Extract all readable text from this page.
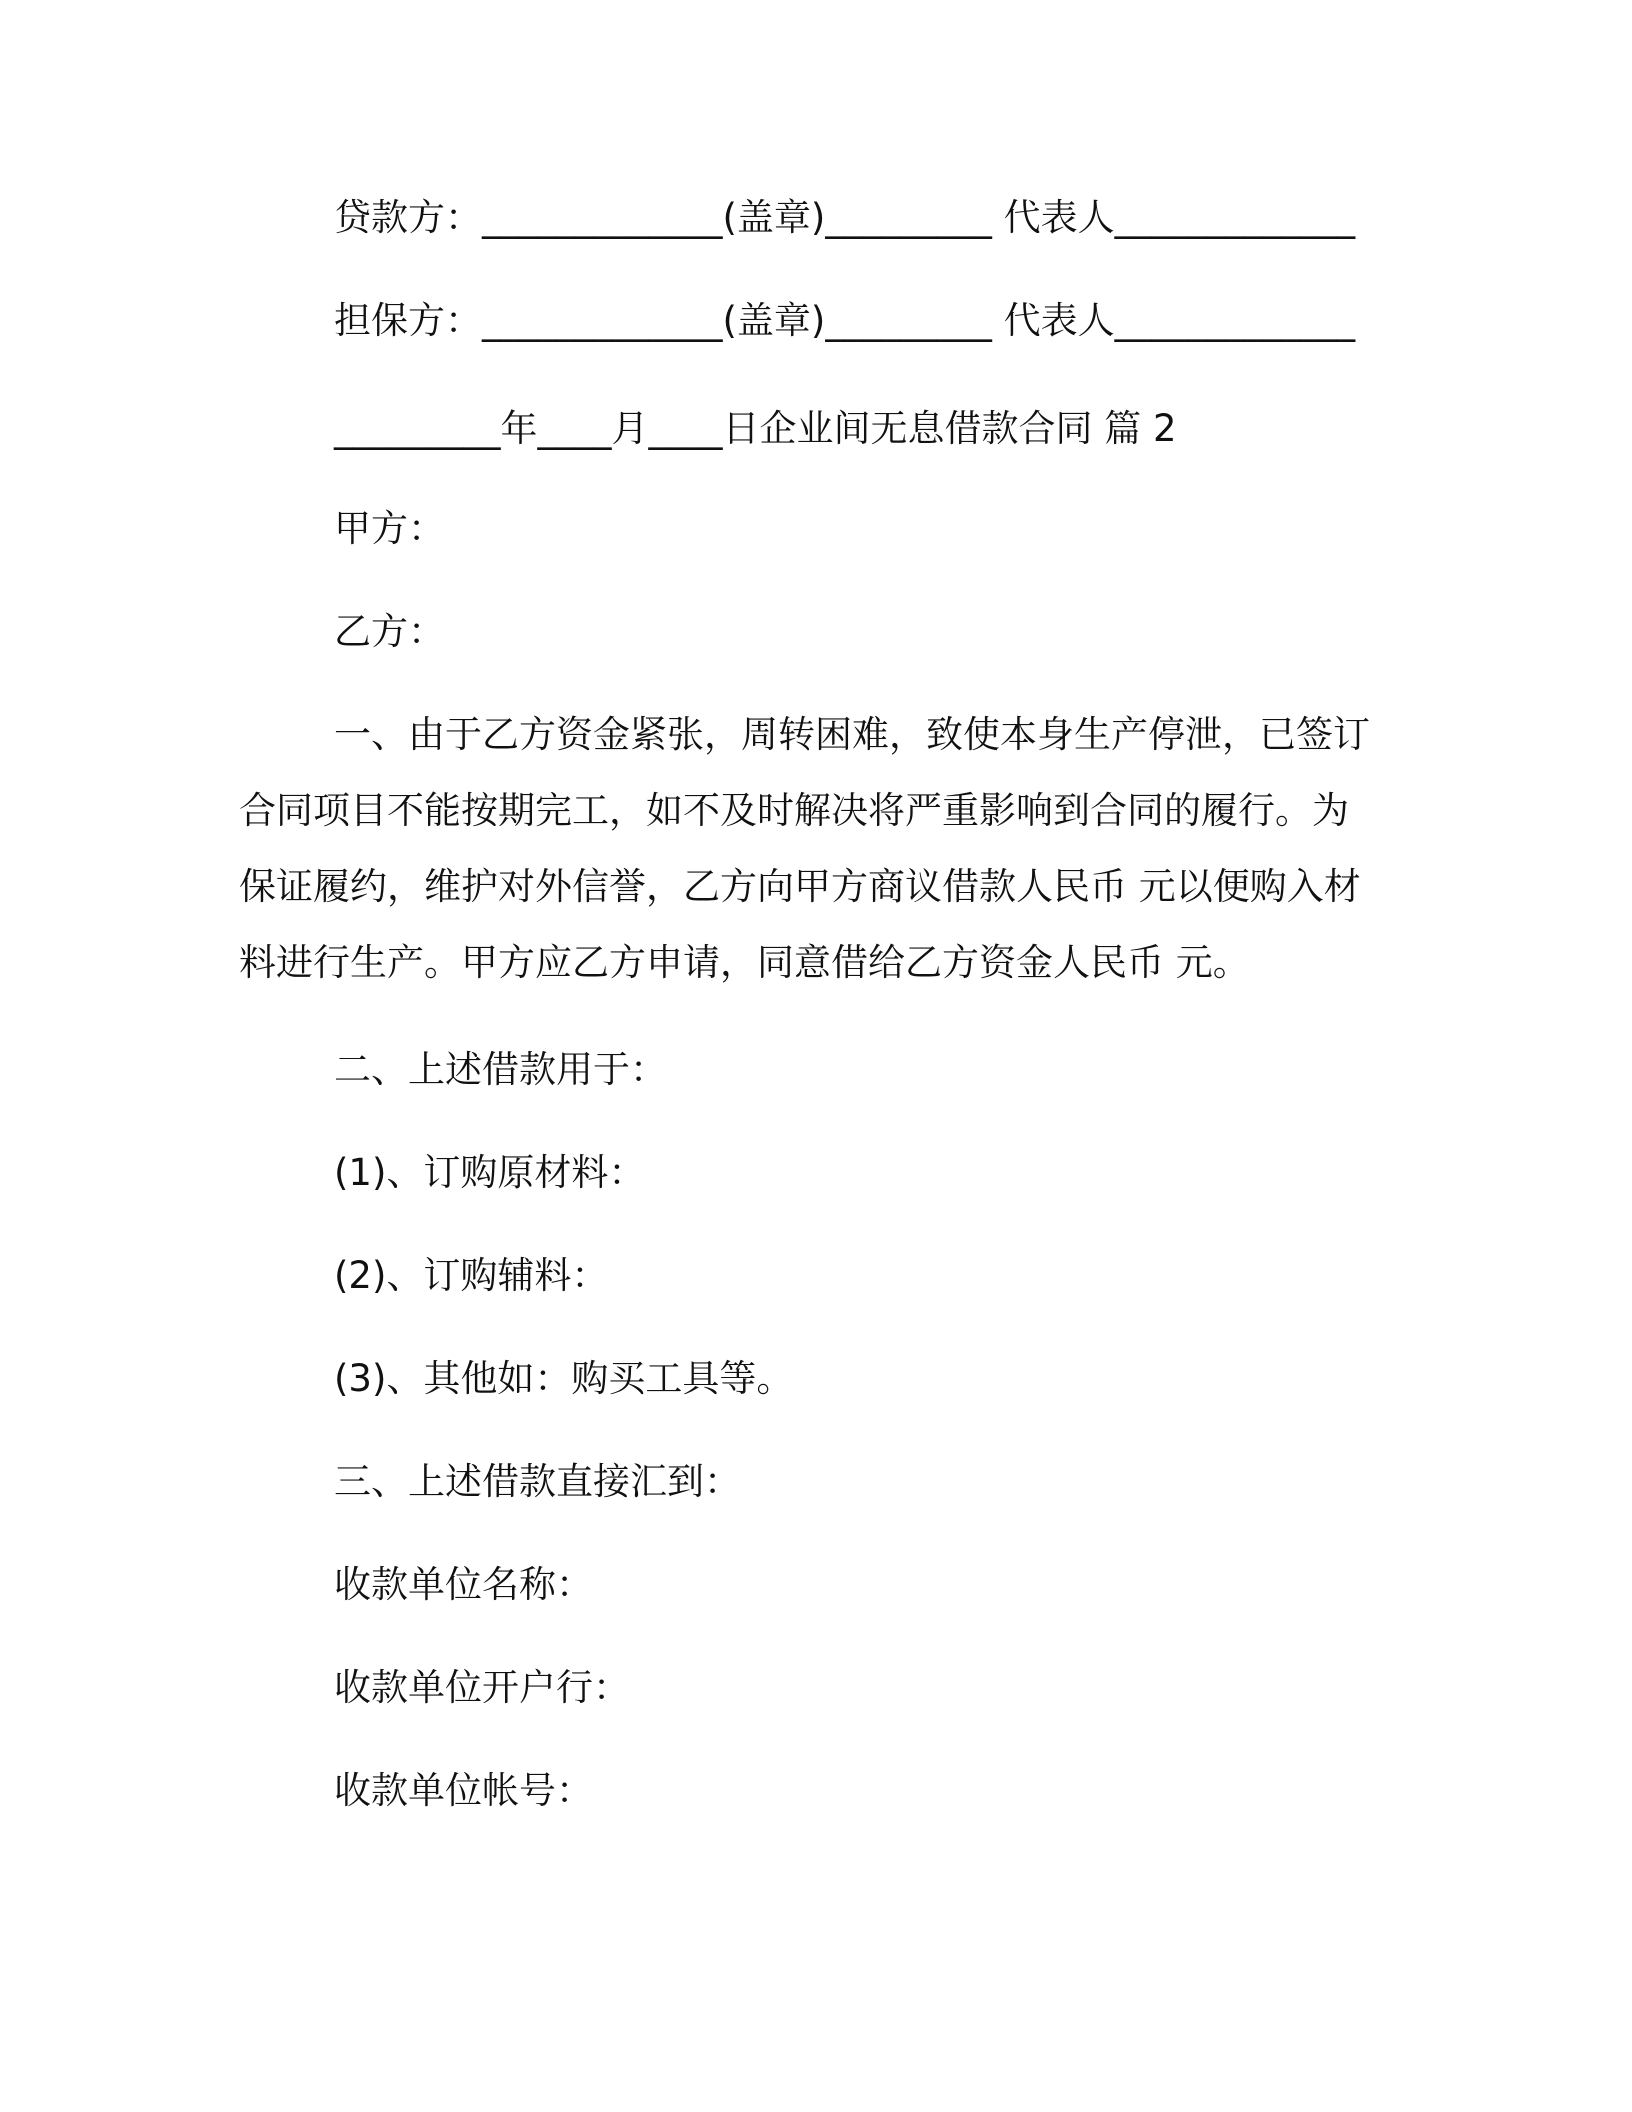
贷款方：_____________(盖章)_________ 代表人_____________
担保方：_____________(盖章)_________ 代表人_____________
_________年____月____日企业间无息借款合同 篇 2
甲方：
乙方：
一、由于乙方资金紧张，周转困难，致使本身生产停泄，已签订
合同项目不能按期完工，如不及时解决将严重影响到合同的履行。为
保证履约，维护对外信誉，乙方向甲方商议借款人民币 元以便购入材
料进行生产。甲方应乙方申请，同意借给乙方资金人民币 元。
二、上述借款用于：
(1)、订购原材料：
(2)、订购辅料：
(3)、其他如：购买工具等。
三、上述借款直接汇到：
收款单位名称：
收款单位开户行：
收款单位帐号：
